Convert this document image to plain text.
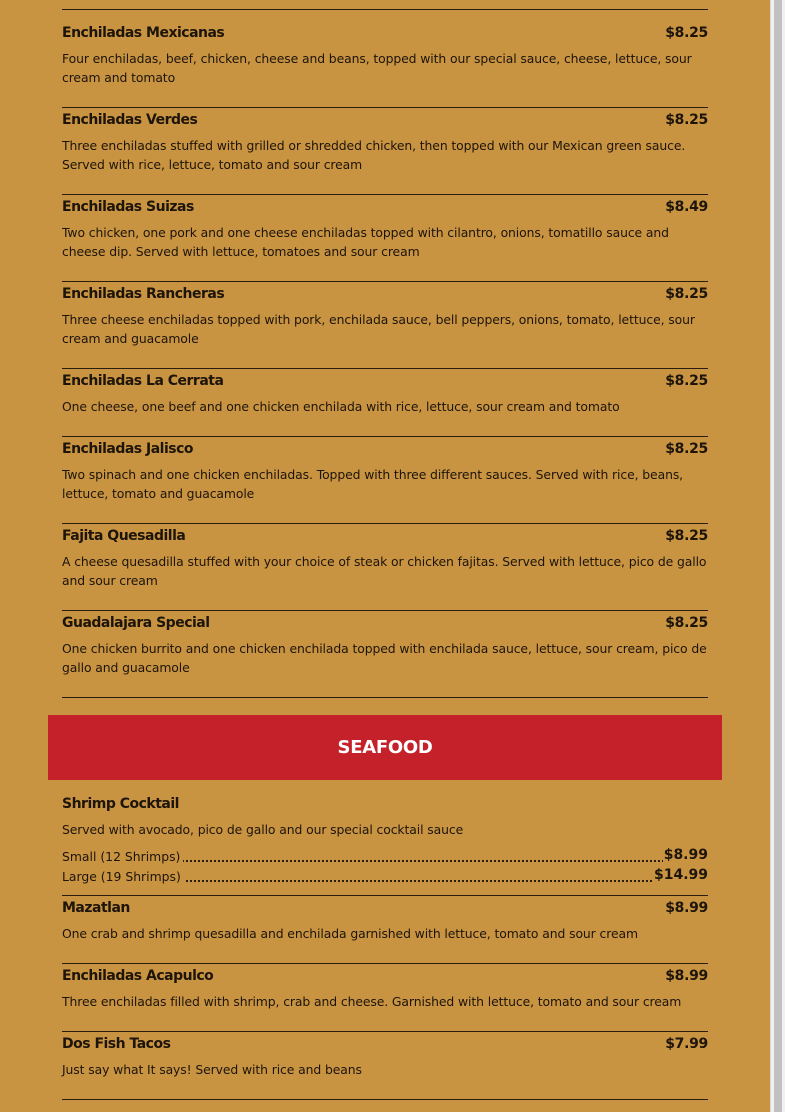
Enchiladas Mexicanas	$8.25
Four enchiladas, beef, chicken, cheese and beans, topped with our special sauce, cheese, lettuce, sour cream and tomato
Enchiladas Verdes	$8.25
Three enchiladas stuffed with grilled or shredded chicken, then topped with our Mexican green sauce. Served with rice, lettuce, tomato and sour cream
Enchiladas Suizas	$8.49
Two chicken, one pork and one cheese enchiladas topped with cilantro, onions, tomatillo sauce and cheese dip. Served with lettuce, tomatoes and sour cream
Enchiladas Rancheras	$8.25
Three cheese enchiladas topped with pork, enchilada sauce, bell peppers, onions, tomato, lettuce, sour cream and guacamole
Enchiladas La Cerrata	$8.25
One cheese, one beef and one chicken enchilada with rice, lettuce, sour cream and tomato
Enchiladas Jalisco	$8.25
Two spinach and one chicken enchiladas. Topped with three different sauces. Served with rice, beans, lettuce, tomato and guacamole
Fajita Quesadilla	$8.25
A cheese quesadilla stuffed with your choice of steak or chicken fajitas. Served with lettuce, pico de gallo and sour cream
Guadalajara Special	$8.25
One chicken burrito and one chicken enchilada topped with enchilada sauce, lettuce, sour cream, pico de gallo and guacamole
SEAFOOD
Shrimp Cocktail
Served with avocado, pico de gallo and our special cocktail sauce
Small (12 Shrimps)	$8.99
Large (19 Shrimps)	$14.99
Mazatlan	$8.99
One crab and shrimp quesadilla and enchilada garnished with lettuce, tomato and sour cream
Enchiladas Acapulco	$8.99
Three enchiladas filled with shrimp, crab and cheese. Garnished with lettuce, tomato and sour cream
Dos Fish Tacos	$7.99
Just say what It says! Served with rice and beans
